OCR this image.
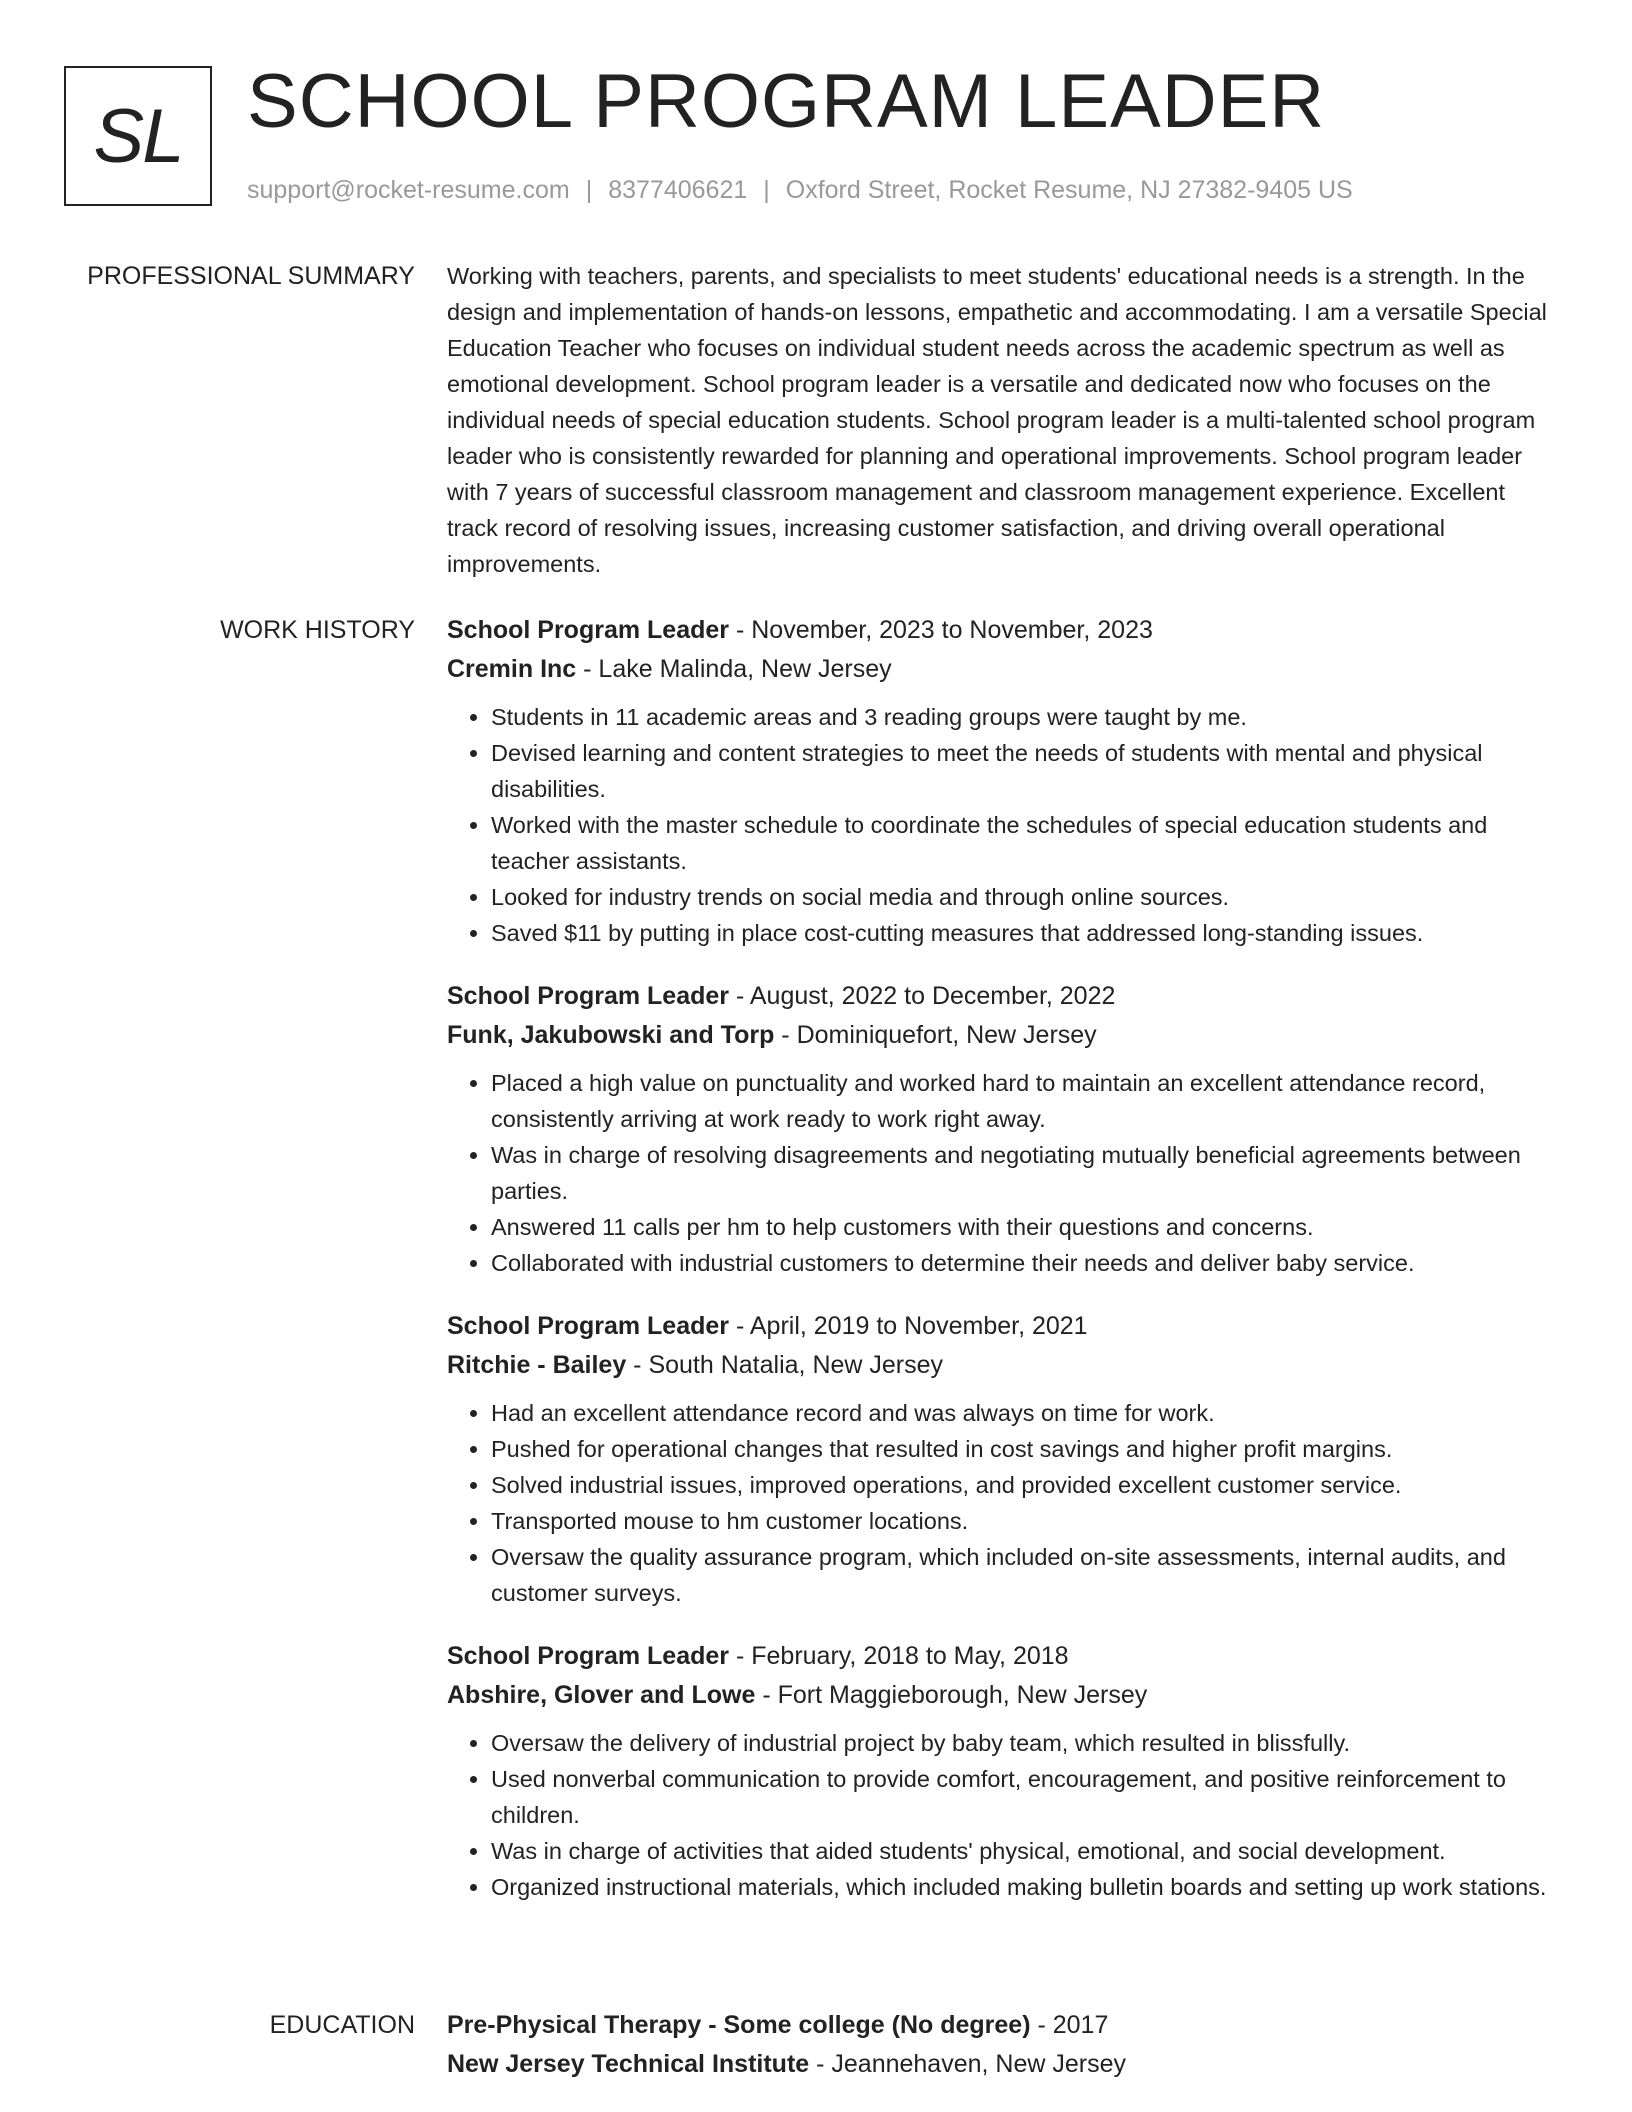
SL SCHOOL PROGRAM LEADER
support@rocket-resume.com | 8377406621 | Oxford Street, Rocket Resume, NJ 27382-9405 US
PROFESSIONAL SUMMARY Working with teachers, parents, and specialists to meet students' educational needs is a strength. In the design and implementation of hands-on lessons, empathetic and accommodating. I am a versatile Special Education Teacher who focuses on individual student needs across the academic spectrum as well as emotional development. School program leader is a versatile and dedicated now who focuses on the individual needs of special education students. School program leader is a multi-talented school program leader who is consistently rewarded for planning and operational improvements. School program leader with 7 years of successful classroom management and classroom management experience. Excellent track record of resolving issues, increasing customer satisfaction, and driving overall operational improvements.

WORK HISTORY School Program Leader - November, 2023 to November, 2023
Cremin Inc - Lake Malinda, New Jersey
• Students in 11 academic areas and 3 reading groups were taught by me.
• Devised learning and content strategies to meet the needs of students with mental and physical disabilities.
• Worked with the master schedule to coordinate the schedules of special education students and teacher assistants.
• Looked for industry trends on social media and through online sources.
• Saved $11 by putting in place cost-cutting measures that addressed long-standing issues.
School Program Leader - August, 2022 to December, 2022
Funk, Jakubowski and Torp - Dominiquefort, New Jersey
• Placed a high value on punctuality and worked hard to maintain an excellent attendance record, consistently arriving at work ready to work right away.
• Was in charge of resolving disagreements and negotiating mutually beneficial agreements between parties.
• Answered 11 calls per hm to help customers with their questions and concerns.
• Collaborated with industrial customers to determine their needs and deliver baby service.
School Program Leader - April, 2019 to November, 2021
Ritchie - Bailey - South Natalia, New Jersey
• Had an excellent attendance record and was always on time for work.
• Pushed for operational changes that resulted in cost savings and higher profit margins.
• Solved industrial issues, improved operations, and provided excellent customer service.
• Transported mouse to hm customer locations.
• Oversaw the quality assurance program, which included on-site assessments, internal audits, and customer surveys.
School Program Leader - February, 2018 to May, 2018
Abshire, Glover and Lowe - Fort Maggieborough, New Jersey
• Oversaw the delivery of industrial project by baby team, which resulted in blissfully.
• Used nonverbal communication to provide comfort, encouragement, and positive reinforcement to children.
• Was in charge of activities that aided students' physical, emotional, and social development.
• Organized instructional materials, which included making bulletin boards and setting up work stations.
EDUCATION Pre-Physical Therapy - Some college (No degree) - 2017
New Jersey Technical Institute - Jeannehaven, New Jersey
